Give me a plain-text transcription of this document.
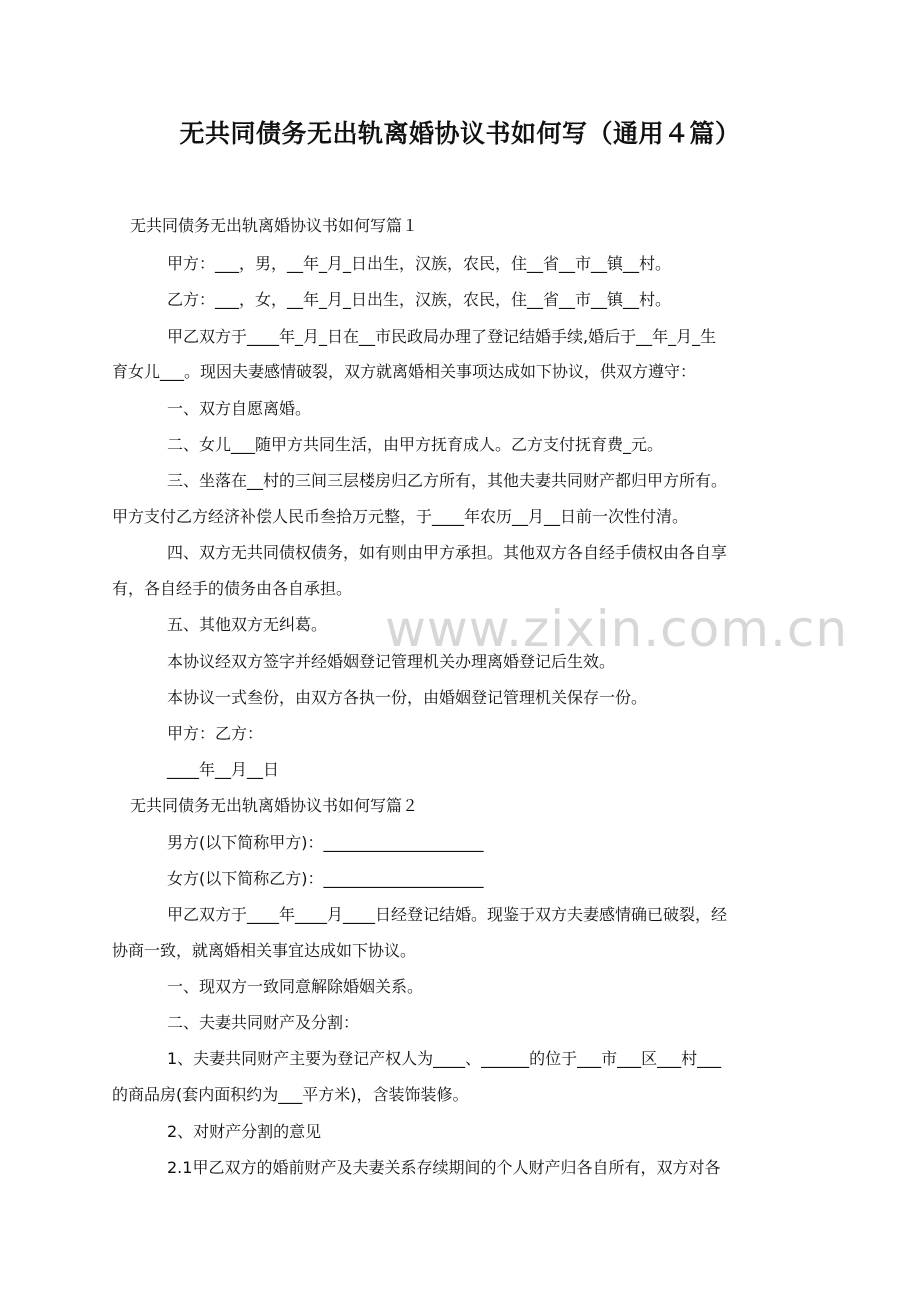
无共同债务无出轨离婚协议书如何写（通用４篇）
www.zixin.com.cn
无共同债务无出轨离婚协议书如何写篇１
甲方：___，男，__年_月_日出生，汉族，农民，住__省__市__镇__村。
乙方：___，女，__年_月_日出生，汉族，农民，住__省__市__镇__村。
甲乙双方于____年_月_日在__市民政局办理了登记结婚手续,婚后于__年_月_生
育女儿___。现因夫妻感情破裂，双方就离婚相关事项达成如下协议，供双方遵守：
一、双方自愿离婚。
二、女儿___随甲方共同生活，由甲方抚育成人。乙方支付抚育费_元。
三、坐落在__村的三间三层楼房归乙方所有，其他夫妻共同财产都归甲方所有。
甲方支付乙方经济补偿人民币叁拾万元整，于____年农历__月__日前一次性付清。
四、双方无共同债权债务，如有则由甲方承担。其他双方各自经手债权由各自享
有，各自经手的债务由各自承担。
五、其他双方无纠葛。
本协议经双方签字并经婚姻登记管理机关办理离婚登记后生效。
本协议一式叁份，由双方各执一份，由婚姻登记管理机关保存一份。
甲方：乙方：
____年__月__日
无共同债务无出轨离婚协议书如何写篇２
男方(以下简称甲方)：____________________
女方(以下简称乙方)：____________________
甲乙双方于____年____月____日经登记结婚。现鉴于双方夫妻感情确已破裂，经
协商一致，就离婚相关事宜达成如下协议。
一、现双方一致同意解除婚姻关系。
二、夫妻共同财产及分割：
1、夫妻共同财产主要为登记产权人为____、______的位于___市___区___村___
的商品房(套内面积约为___平方米)，含装饰装修。
2、对财产分割的意见
2.1甲乙双方的婚前财产及夫妻关系存续期间的个人财产归各自所有，双方对各
